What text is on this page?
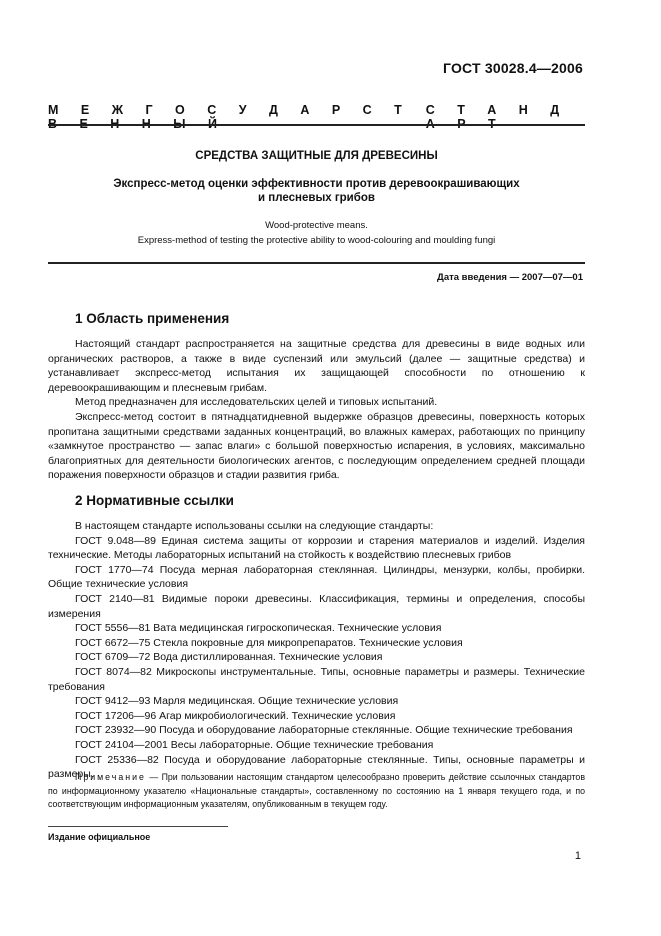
ГОСТ 30028.4—2006
М Е Ж Г О С У Д А Р С Т	С Т А Н Д
СРЕДСТВА ЗАЩИТНЫЕ ДЛЯ ДРЕВЕСИНЫ
Экспресс-метод оценки эффективности против деревоокрашивающих
и плесневых грибов
Wood-protective means.
Express-method of testing the protective ability to wood-colouring and moulding fungi
Дата введения — 2007—07—01
1 Область применения

Настоящий стандарт распространяется на защитные средства для древесины в виде водных или органических растворов, а также в виде суспензий или эмульсий (далее — защитные средства) и устанавливает экспресс-метод испытания их защищающей способности по отношению к деревоокрашивающим и плесневым грибам.

Метод предназначен для исследовательских целей и типовых испытаний.

Экспресс-метод состоит в пятнадцатидневной выдержке образцов древесины, поверхность которых пропитана защитными средствами заданных концентраций, во влажных камерах, работающих по принципу «замкнутое пространство — запас влаги» с большой поверхностью испарения, в условиях, максимально благоприятных для деятельности биологических агентов, с последующим определением средней площади поражения поверхности образцов и стадии развития гриба.

2 Нормативные ссылки

В настоящем стандарте использованы ссылки на следующие стандарты:

ГОСТ 9.048—89 Единая система защиты от коррозии и старения материалов и изделий. Изделия технические. Методы лабораторных испытаний на стойкость к воздействию плесневых грибов

ГОСТ 1770—74 Посуда мерная лабораторная стеклянная. Цилиндры, мензурки, колбы, пробирки. Общие технические условия

ГОСТ 2140—81 Видимые пороки древесины. Классификация, термины и определения, способы измерения

ГОСТ 5556—81 Вата медицинская гигроскопическая. Технические условия

ГОСТ 6672—75 Стекла покровные для микропрепаратов. Технические условия

ГОСТ 6709—72 Вода дистиллированная. Технические условия

ГОСТ 8074—82 Микроскопы инструментальные. Типы, основные параметры и размеры. Технические требования

ГОСТ 9412—93 Марля медицинская. Общие технические условия

ГОСТ 17206—96 Агар микробиологический. Технические условия

ГОСТ 23932—90 Посуда и оборудование лабораторные стеклянные. Общие технические требования

ГОСТ 24104—2001 Весы лабораторные. Общие технические требования

ГОСТ 25336—82 Посуда и оборудование лабораторные стеклянные. Типы, основные параметры и размеры.

Примечание — При пользовании настоящим стандартом целесообразно проверить действие ссылочных стандартов по информационному указателю «Национальные стандарты», составленному по состоянию на 1 января текущего года, и по соответствующим информационным указателям, опубликованным в текущем году.

Издание официальное
1
